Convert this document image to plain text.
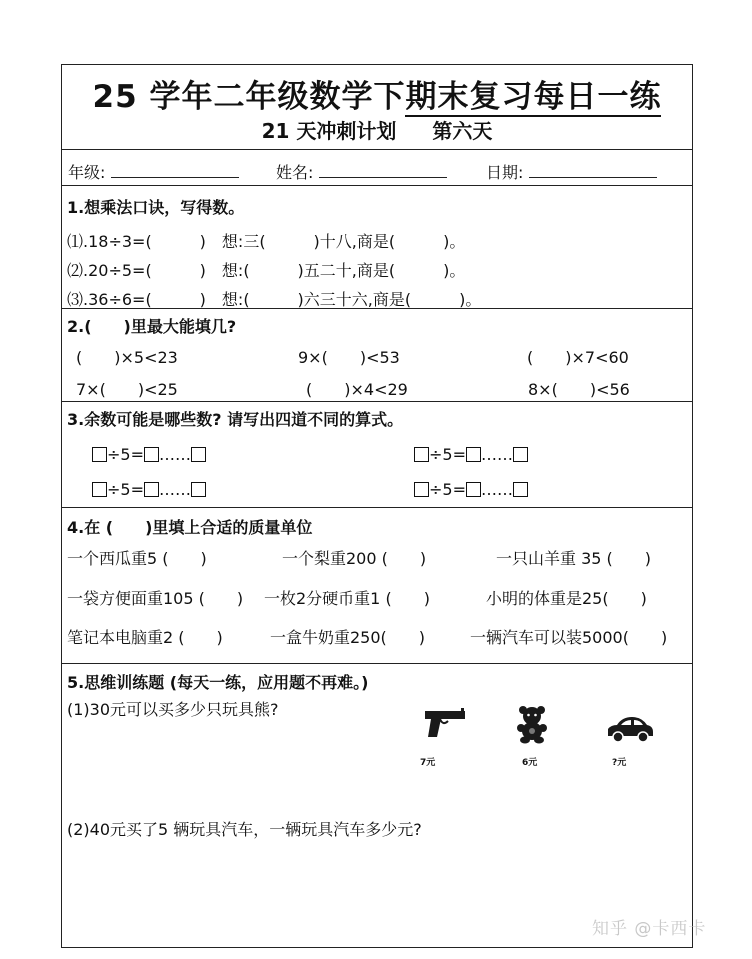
25 学年二年级数学下期末复习每日一练
21 天冲刺计划 第六天
年级:	姓名:	日期:
1.想乘法口诀，写得数。
⑴.18÷3=(　　　)　想:三(　　　)十八,商是(　　　)。
⑵.20÷5=(　　　)　想:(　　　)五二十,商是(　　　)。
⑶.36÷6=(　　　)　想:(　　　)六三十六,商是(　　　)。
2.(　　)里最大能填几?
(　　)×5<23	9×(　　)<53	(　　)×7<60
7×(　　)<25	(　　)×4<29	8×(　　)<56
3.余数可能是哪些数? 请写出四道不同的算式。
÷5= ……	÷5= ……
÷5= ……	÷5= ……
4.在 (　　)里填上合适的质量单位
一个西瓜重5 (　　)	一个梨重200 (　　)	一只山羊重 35 (　　)
一袋方便面重105 (　　) 一枚2分硬币重1 (　　)	小明的体重是25(　　)
笔记本电脑重2 (　　)	一盒牛奶重250(　　)	一辆汽车可以装5000(　　)
5.思维训练题 (每天一练，应用题不再难。)
(1)30元可以买多少只玩具熊?
7元	6元	?元
(2)40元买了5 辆玩具汽车，一辆玩具汽车多少元?
知乎 @卡西卡
